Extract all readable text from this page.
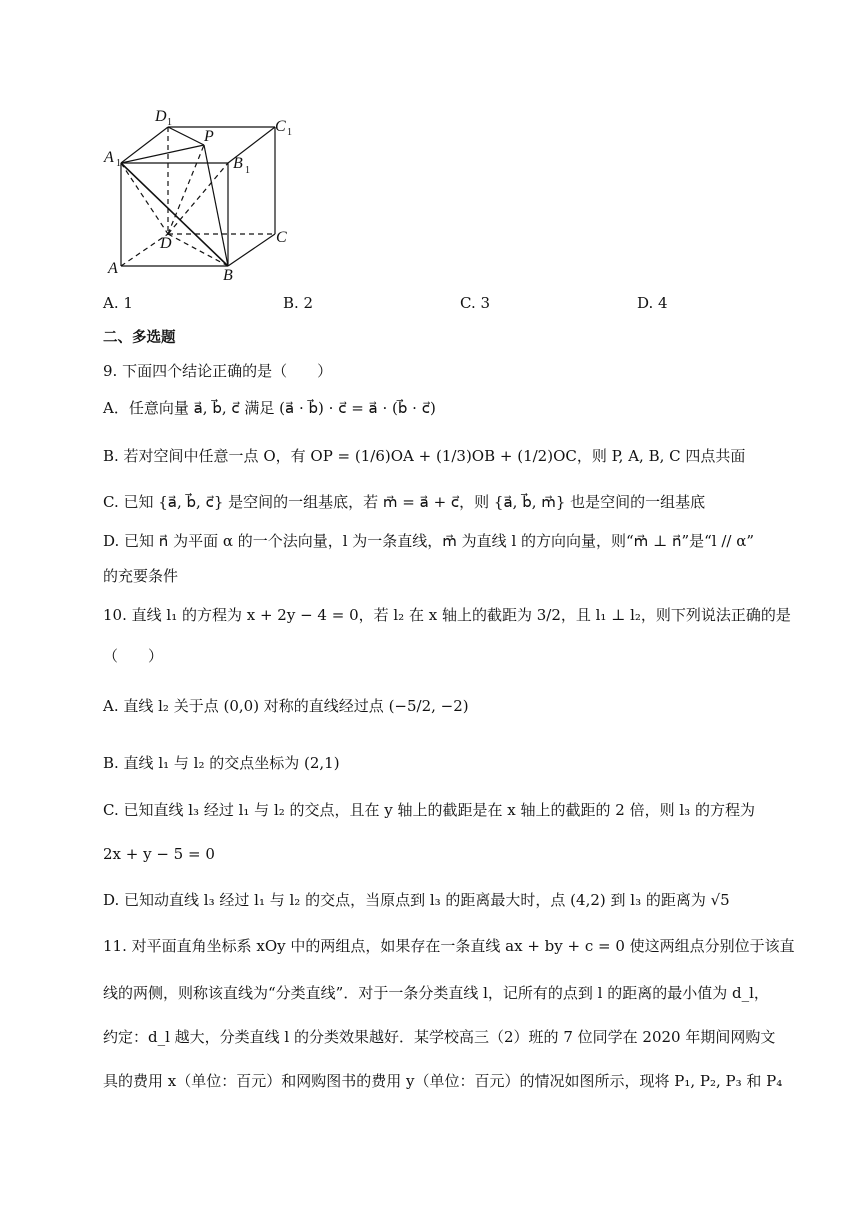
D 1
P
C 1
A 1	B 1
D	C
A	B
A. 1	B. 2	C. 3	D. 4
二、多选题
9. 下面四个结论正确的是（　　）
A．任意向量 a⃗, b⃗, c⃗ 满足 (a⃗ · b⃗) · c⃗ = a⃗ · (b⃗ · c⃗)
B. 若对空间中任意一点 O，有 OP = (1/6)OA + (1/3)OB + (1/2)OC，则 P, A, B, C 四点共面
C. 已知 {a⃗, b⃗, c⃗} 是空间的一组基底，若 m⃗ = a⃗ + c⃗，则 {a⃗, b⃗, m⃗} 也是空间的一组基底
D. 已知 n⃗ 为平面 α 的一个法向量，l 为一条直线，m⃗ 为直线 l 的方向向量，则“m⃗ ⊥ n⃗”是“l // α”
的充要条件
10. 直线 l₁ 的方程为 x + 2y − 4 = 0，若 l₂ 在 x 轴上的截距为 3/2，且 l₁ ⊥ l₂，则下列说法正确的是
（　　）
A. 直线 l₂ 关于点 (0,0) 对称的直线经过点 (−5/2, −2)
B. 直线 l₁ 与 l₂ 的交点坐标为 (2,1)
C. 已知直线 l₃ 经过 l₁ 与 l₂ 的交点，且在 y 轴上的截距是在 x 轴上的截距的 2 倍，则 l₃ 的方程为
2x + y − 5 = 0
D. 已知动直线 l₃ 经过 l₁ 与 l₂ 的交点，当原点到 l₃ 的距离最大时，点 (4,2) 到 l₃ 的距离为 √5
11. 对平面直角坐标系 xOy 中的两组点，如果存在一条直线 ax + by + c = 0 使这两组点分别位于该直
线的两侧，则称该直线为“分类直线”．对于一条分类直线 l，记所有的点到 l 的距离的最小值为 d_l，
约定：d_l 越大，分类直线 l 的分类效果越好．某学校高三（2）班的 7 位同学在 2020 年期间网购文
具的费用 x（单位：百元）和网购图书的费用 y（单位：百元）的情况如图所示，现将 P₁, P₂, P₃ 和 P₄
